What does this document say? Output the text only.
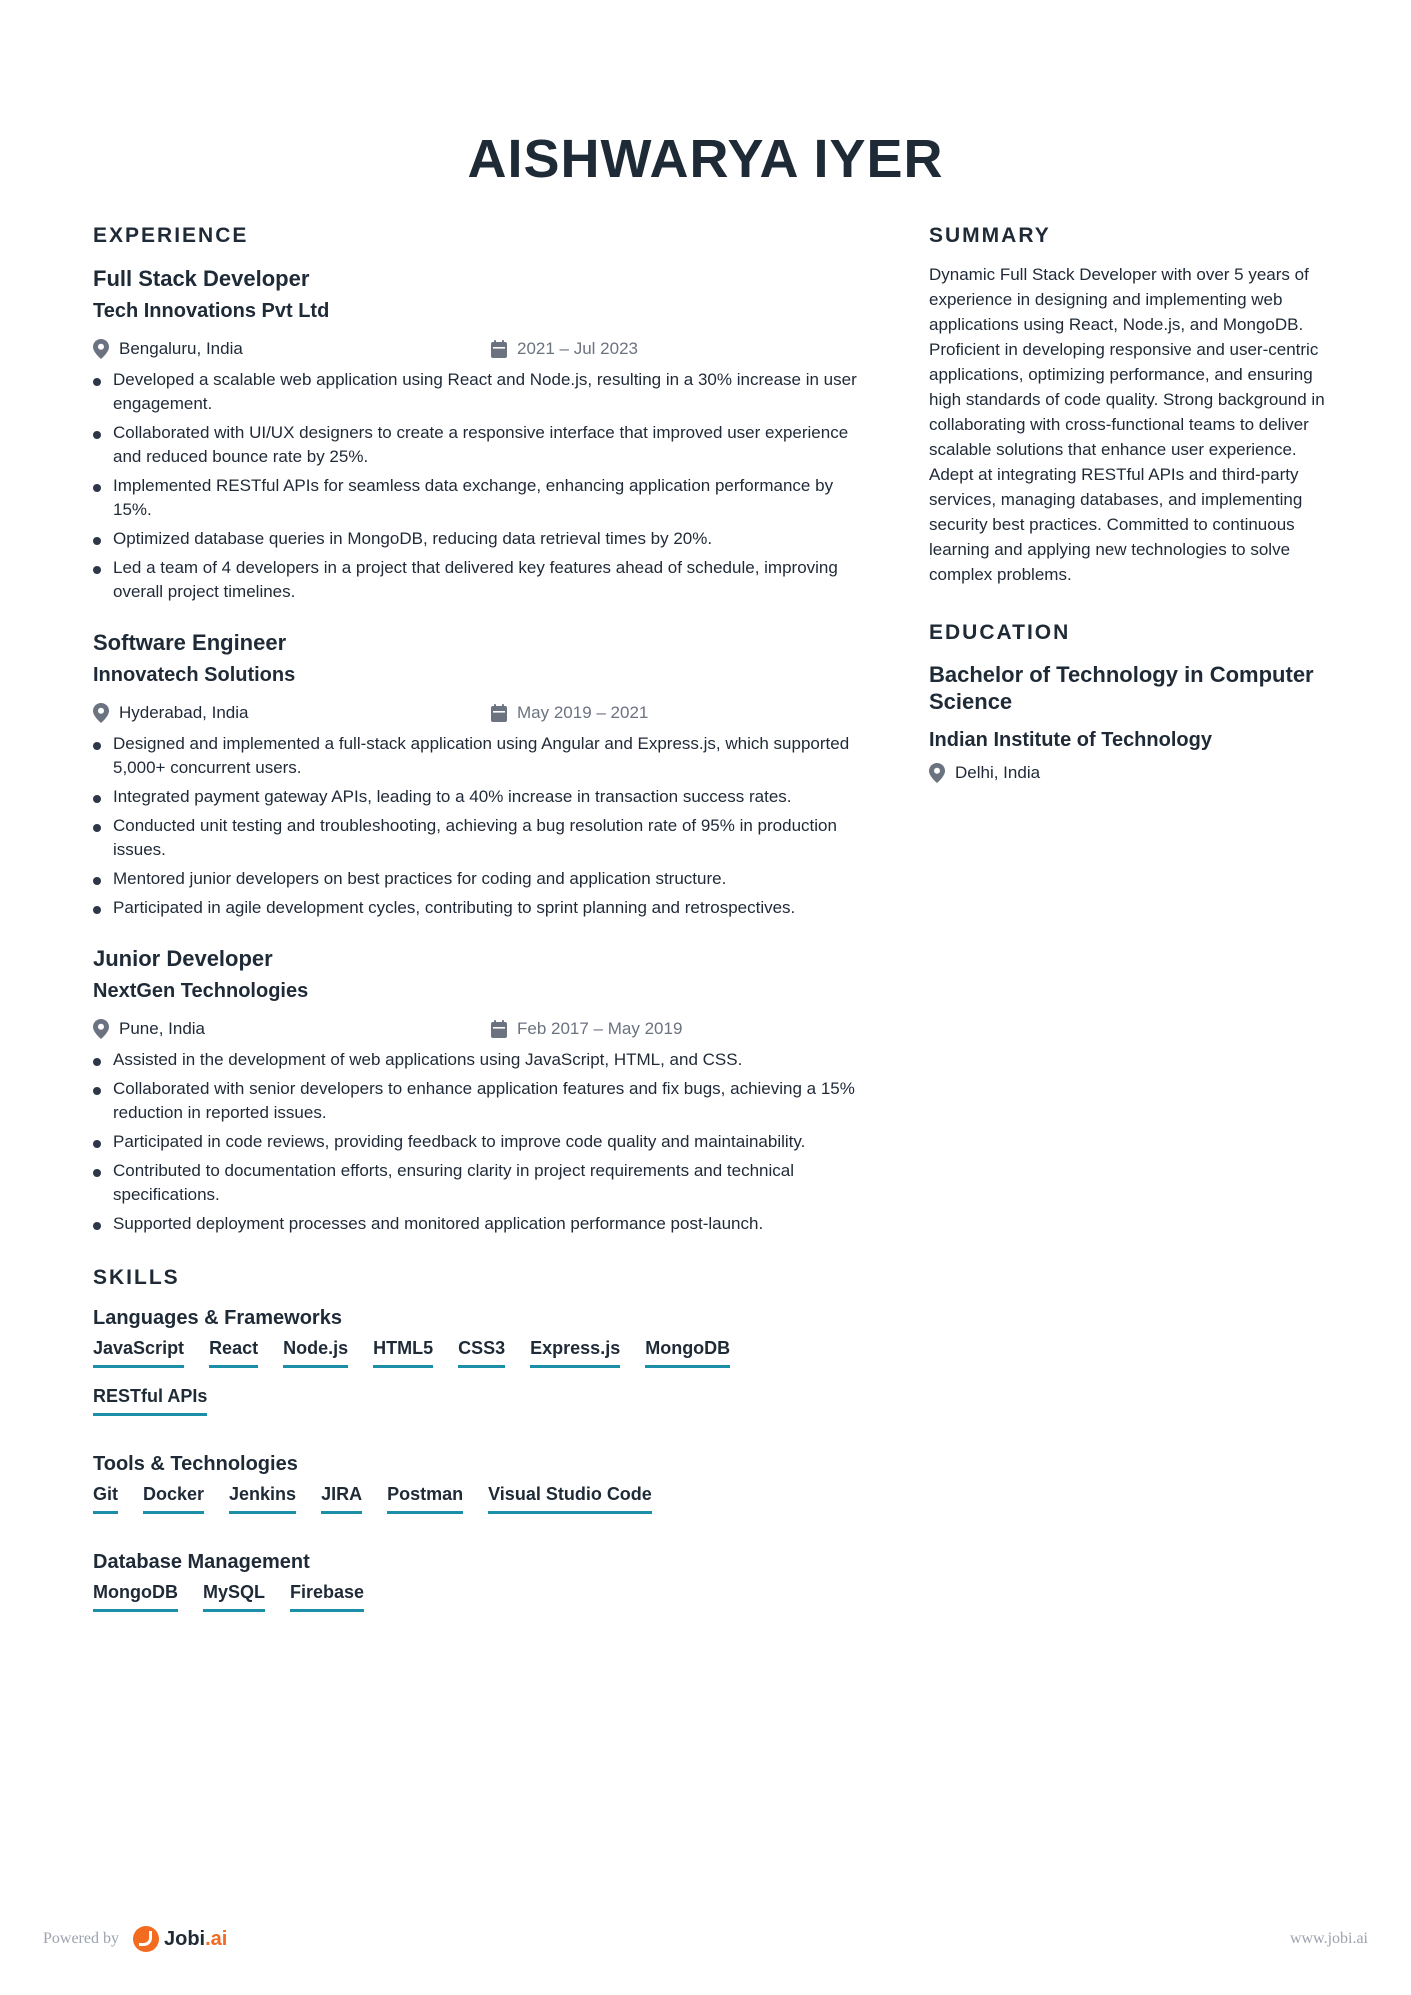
AISHWARYA IYER
EXPERIENCE
Full Stack Developer
Tech Innovations Pvt Ltd
Bengaluru, India	2021 – Jul 2023
Developed a scalable web application using React and Node.js, resulting in a 30% increase in user engagement.
Collaborated with UI/UX designers to create a responsive interface that improved user experience and reduced bounce rate by 25%.
Implemented RESTful APIs for seamless data exchange, enhancing application performance by 15%.
Optimized database queries in MongoDB, reducing data retrieval times by 20%.
Led a team of 4 developers in a project that delivered key features ahead of schedule, improving overall project timelines.
Software Engineer
Innovatech Solutions
Hyderabad, India	May 2019 – 2021
Designed and implemented a full-stack application using Angular and Express.js, which supported 5,000+ concurrent users.
Integrated payment gateway APIs, leading to a 40% increase in transaction success rates.
Conducted unit testing and troubleshooting, achieving a bug resolution rate of 95% in production issues.
Mentored junior developers on best practices for coding and application structure.
Participated in agile development cycles, contributing to sprint planning and retrospectives.
Junior Developer
NextGen Technologies
Pune, India	Feb 2017 – May 2019
Assisted in the development of web applications using JavaScript, HTML, and CSS.
Collaborated with senior developers to enhance application features and fix bugs, achieving a 15% reduction in reported issues.
Participated in code reviews, providing feedback to improve code quality and maintainability.
Contributed to documentation efforts, ensuring clarity in project requirements and technical specifications.
Supported deployment processes and monitored application performance post-launch.
SKILLS
Languages & Frameworks
JavaScript React Node.js HTML5 CSS3 Express.js MongoDB
RESTful APIs
Tools & Technologies
Git Docker Jenkins JIRA Postman Visual Studio Code
Database Management
MongoDB MySQL Firebase
SUMMARY

Dynamic Full Stack Developer with over 5 years of experience in designing and implementing web applications using React, Node.js, and MongoDB. Proficient in developing responsive and user-centric applications, optimizing performance, and ensuring high standards of code quality. Strong background in collaborating with cross-functional teams to deliver scalable solutions that enhance user experience. Adept at integrating RESTful APIs and third-party services, managing databases, and implementing security best practices. Committed to continuous learning and applying new technologies to solve complex problems.

EDUCATION
Bachelor of Technology in Computer Science
Indian Institute of Technology
Delhi, India
Powered by Jobi.ai	www.jobi.ai
